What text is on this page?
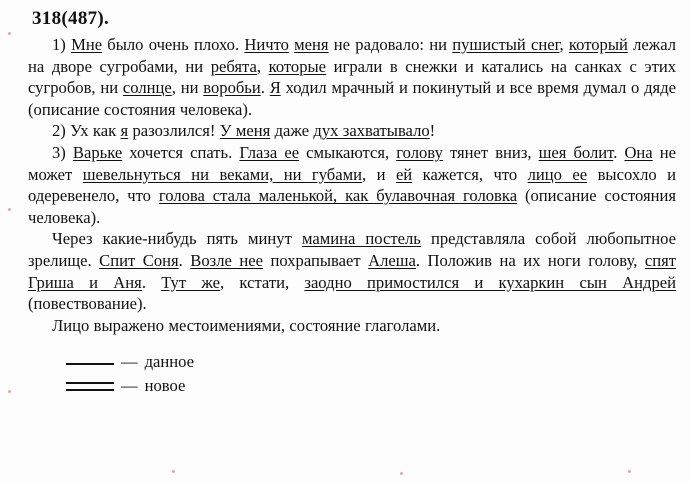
318(487).

1) Мне было очень плохо. Ничто меня не радовало: ни пушистый снег, который лежал на дворе сугробами, ни ребята, которые играли в снежки и катались на санках с этих сугробов, ни солнце, ни воробьи. Я ходил мрачный и покинутый и все время думал о дяде (описание состояния человека).

2) Ух как я разозлился! У меня даже дух захватывало!

3) Варьке хочется спать. Глаза ее смыкаются, голову тянет вниз, шея болит. Она не может шевельнуться ни веками, ни губами, и ей кажется, что лицо ее высохло и одеревенело, что голова стала маленькой, как булавочная головка (описание состояния человека).

Через какие-нибудь пять минут мамина постель представляла собой любопытное зрелище. Спит Соня. Возле нее похрапывает Алеша. Положив на их ноги голову, спят Гриша и Аня. Тут же, кстати, заодно примостился и кухаркин сын Андрей (повествование).

Лицо выражено местоимениями, состояние глаголами.

— данное
— новое
